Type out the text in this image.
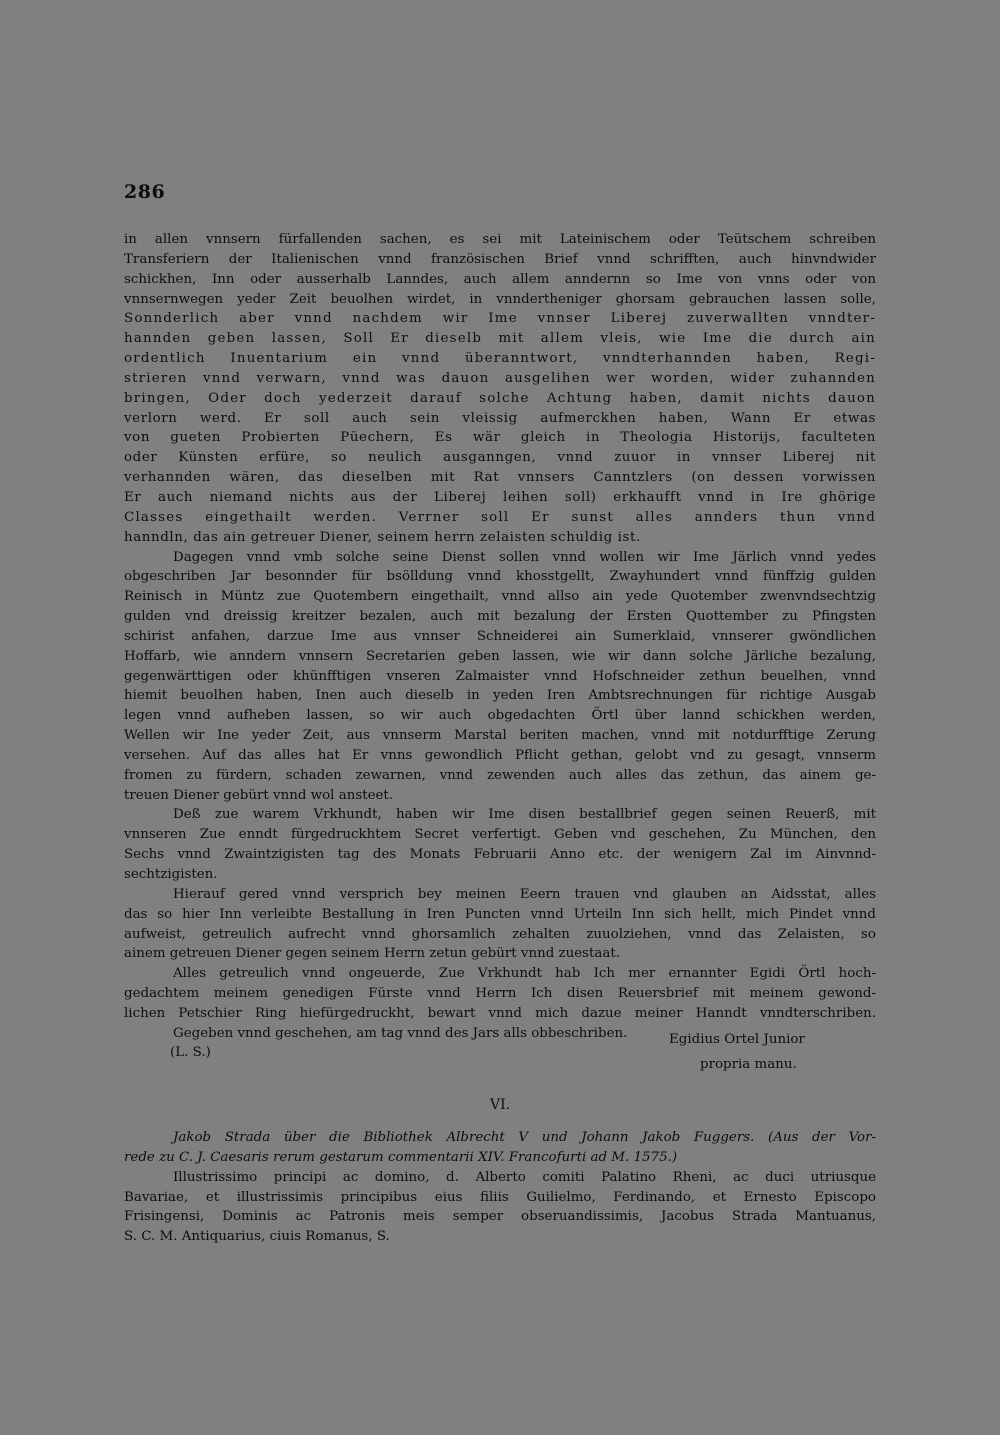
286
in allen vnnsern fürfallenden sachen, es sei mit Lateinischem oder Teütschem schreiben
Transferiern der Italienischen vnnd französischen Brief vnnd schrifften, auch hinvndwider
schickhen, Inn oder ausserhalb Lanndes, auch allem anndernn so Ime von vnns oder von
vnnsernwegen yeder Zeit beuolhen wirdet, in vnndertheniger ghorsam gebrauchen lassen solle,
Sonnderlich aber vnnd nachdem wir Ime vnnser Liberej zuverwallten vnndter-
hannden geben lassen, Soll Er dieselb mit allem vleis, wie Ime die durch ain
ordentlich Inuentarium ein vnnd überanntwort, vnndterhannden haben, Regi-
strieren vnnd verwarn, vnnd was dauon ausgelihen wer worden, wider zuhannden
bringen, Oder doch yederzeit darauf solche Achtung haben, damit nichts dauon
verlorn werd. Er soll auch sein vleissig aufmerckhen haben, Wann Er etwas
von gueten Probierten Püechern, Es wär gleich in Theologia Historijs, faculteten
oder Künsten erfüre, so neulich ausganngen, vnnd zuuor in vnnser Liberej nit
verhannden wären, das dieselben mit Rat vnnsers Canntzlers (on dessen vorwissen
Er auch niemand nichts aus der Liberej leihen soll) erkhaufft vnnd in Ire ghörige
Classes eingethailt werden. Verrner soll Er sunst alles annders thun vnnd
hanndln, das ain getreuer Diener, seinem herrn zelaisten schuldig ist.
Dagegen vnnd vmb solche seine Dienst sollen vnnd wollen wir Ime Järlich vnnd yedes
obgeschriben Jar besonnder für bsölldung vnnd khosstgellt, Zwayhundert vnnd fünffzig gulden
Reinisch in Müntz zue Quotembern eingethailt, vnnd allso ain yede Quotember zwenvndsechtzig
gulden vnd dreissig kreitzer bezalen, auch mit bezalung der Ersten Quottember zu Pfingsten
schirist anfahen, darzue Ime aus vnnser Schneiderei ain Sumerklaid, vnnserer gwöndlichen
Hoffarb, wie anndern vnnsern Secretarien geben lassen, wie wir dann solche Järliche bezalung,
gegenwärttigen oder khünfftigen vnseren Zalmaister vnnd Hofschneider zethun beuelhen, vnnd
hiemit beuolhen haben, Inen auch dieselb in yeden Iren Ambtsrechnungen für richtige Ausgab
legen vnnd aufheben lassen, so wir auch obgedachten Örtl über lannd schickhen werden,
Wellen wir Ine yeder Zeit, aus vnnserm Marstal beriten machen, vnnd mit notdurfftige Zerung
versehen. Auf das alles hat Er vnns gewondlich Pflicht gethan, gelobt vnd zu gesagt, vnnserm
fromen zu fürdern, schaden zewarnen, vnnd zewenden auch alles das zethun, das ainem ge-
treuen Diener gebürt vnnd wol ansteet.
Deß zue warem Vrkhundt, haben wir Ime disen bestallbrief gegen seinen Reuerß, mit
vnnseren Zue enndt fürgedruckhtem Secret verfertigt. Geben vnd geschehen, Zu München, den
Sechs vnnd Zwaintzigisten tag des Monats Februarii Anno etc. der wenigern Zal im Ainvnnd-
sechtzigisten.
Hierauf gered vnnd versprich bey meinen Eeern trauen vnd glauben an Aidsstat, alles
das so hier Inn verleibte Bestallung in Iren Puncten vnnd Urteiln Inn sich hellt, mich Pindet vnnd
aufweist, getreulich aufrecht vnnd ghorsamlich zehalten zuuolziehen, vnnd das Zelaisten, so
ainem getreuen Diener gegen seinem Herrn zetun gebürt vnnd zuestaat.
Alles getreulich vnnd ongeuerde, Zue Vrkhundt hab Ich mer ernannter Egidi Örtl hoch-
gedachtem meinem genedigen Fürste vnnd Herrn Ich disen Reuersbrief mit meinem gewond-
lichen Petschier Ring hiefürgedruckht, bewart vnnd mich dazue meiner Hanndt vnndterschriben.
Gegeben vnnd geschehen, am tag vnnd des Jars alls obbeschriben.	Egidius Ortel Junior
(L. S.)
propria manu.
VI.
Jakob Strada über die Bibliothek Albrecht V und Johann Jakob Fuggers. (Aus der Vor-
rede zu C. J. Caesaris rerum gestarum commentarii XIV. Francofurti ad M. 1575.)
Illustrissimo principi ac domino, d. Alberto comiti Palatino Rheni, ac duci utriusque
Bavariae, et illustrissimis principibus eius filiis Guilielmo, Ferdinando, et Ernesto Episcopo
Frisingensi, Dominis ac Patronis meis semper obseruandissimis, Jacobus Strada Mantuanus,
S. C. M. Antiquarius, ciuis Romanus, S.
